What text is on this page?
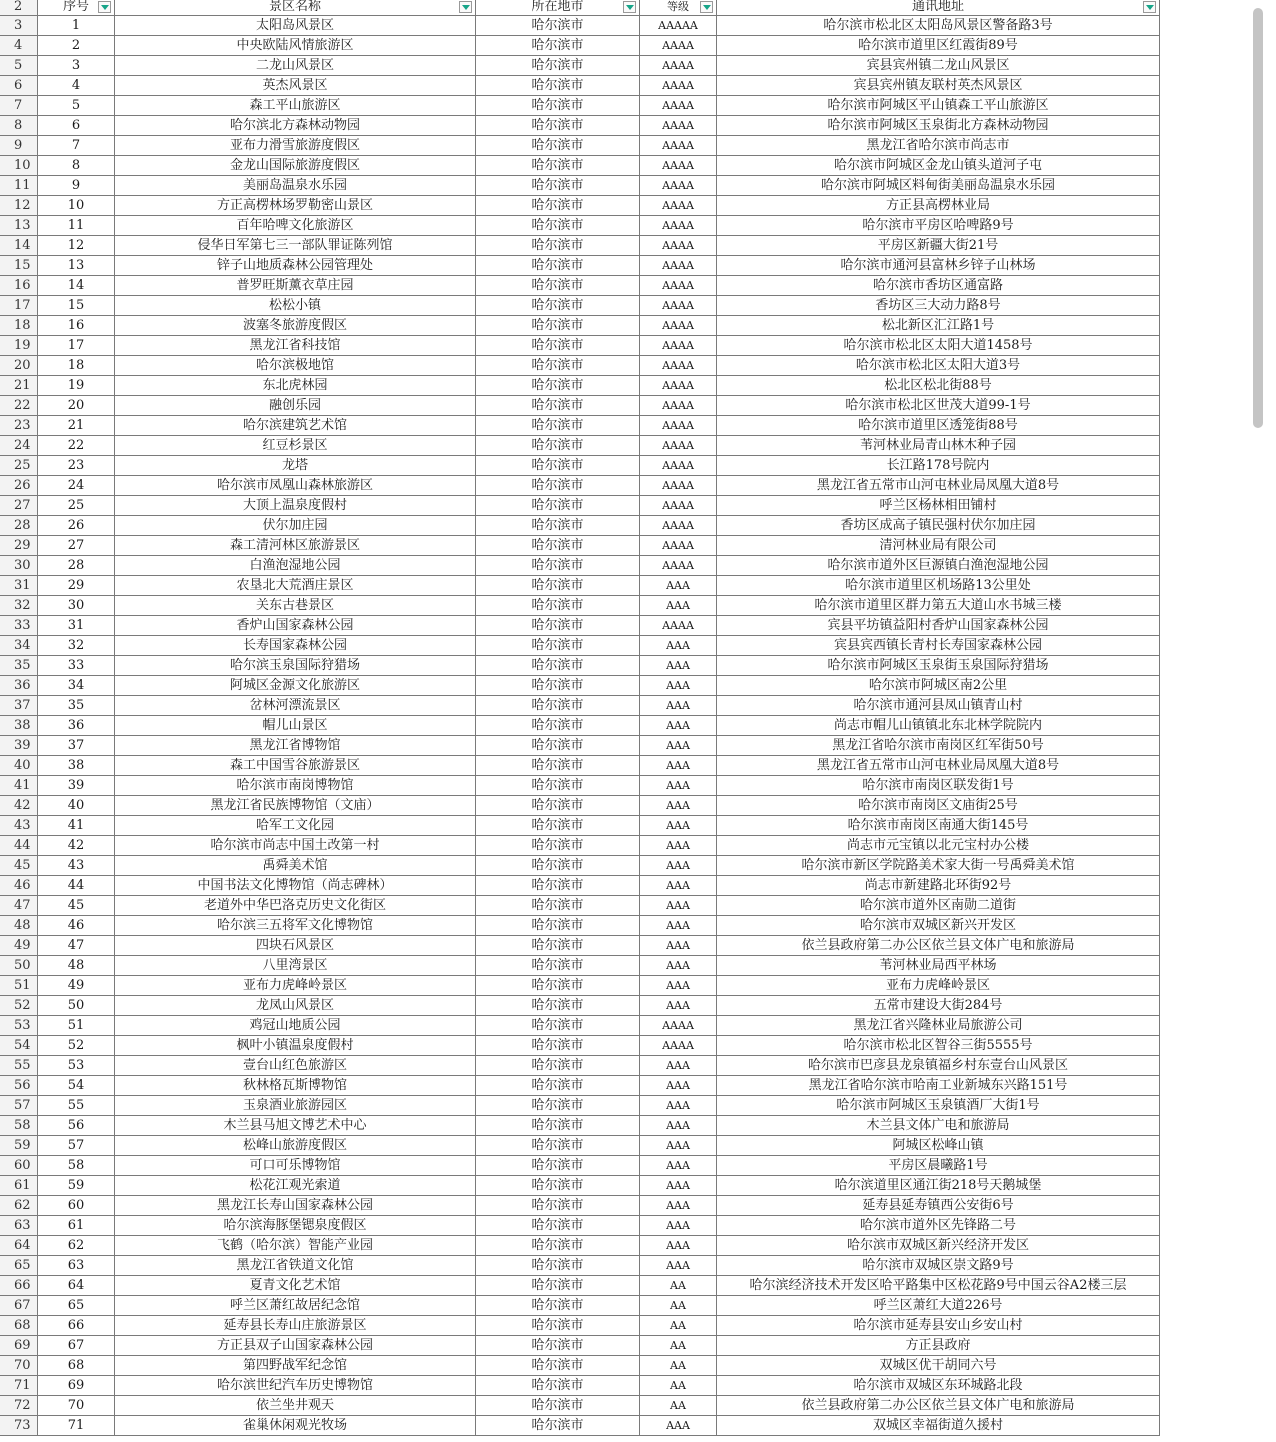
2	序号	景区名称	所在地市	等级	通讯地址
3	1	太阳岛风景区	哈尔滨市	AAAAA	哈尔滨市松北区太阳岛风景区警备路3号
4	2	中央欧陆风情旅游区	哈尔滨市	AAAA	哈尔滨市道里区红霞街89号
5	3	二龙山风景区	哈尔滨市	AAAA	宾县宾州镇二龙山风景区
6	4	英杰风景区	哈尔滨市	AAAA	宾县宾州镇友联村英杰风景区
7	5	森工平山旅游区	哈尔滨市	AAAA	哈尔滨市阿城区平山镇森工平山旅游区
8	6	哈尔滨北方森林动物园	哈尔滨市	AAAA	哈尔滨市阿城区玉泉街北方森林动物园
9	7	亚布力滑雪旅游度假区	哈尔滨市	AAAA	黑龙江省哈尔滨市尚志市
10	8	金龙山国际旅游度假区	哈尔滨市	AAAA	哈尔滨市阿城区金龙山镇头道河子屯
11	9	美丽岛温泉水乐园	哈尔滨市	AAAA	哈尔滨市阿城区料甸街美丽岛温泉水乐园
12	10	方正高楞林场罗勒密山景区	哈尔滨市	AAAA	方正县高楞林业局
13	11	百年哈啤文化旅游区	哈尔滨市	AAAA	哈尔滨市平房区哈啤路9号
14	12	侵华日军第七三一部队罪证陈列馆	哈尔滨市	AAAA	平房区新疆大街21号
15	13	锌子山地质森林公园管理处	哈尔滨市	AAAA	哈尔滨市通河县富林乡锌子山林场
16	14	普罗旺斯薰衣草庄园	哈尔滨市	AAAA	哈尔滨市香坊区通富路
17	15	松松小镇	哈尔滨市	AAAA	香坊区三大动力路8号
18	16	波塞冬旅游度假区	哈尔滨市	AAAA	松北新区汇江路1号
19	17	黑龙江省科技馆	哈尔滨市	AAAA	哈尔滨市松北区太阳大道1458号
20	18	哈尔滨极地馆	哈尔滨市	AAAA	哈尔滨市松北区太阳大道3号
21	19	东北虎林园	哈尔滨市	AAAA	松北区松北街88号
22	20	融创乐园	哈尔滨市	AAAA	哈尔滨市松北区世茂大道99-1号
23	21	哈尔滨建筑艺术馆	哈尔滨市	AAAA	哈尔滨市道里区透笼街88号
24	22	红豆杉景区	哈尔滨市	AAAA	苇河林业局青山林木种子园
25	23	龙塔	哈尔滨市	AAAA	长江路178号院内
26	24	哈尔滨市凤凰山森林旅游区	哈尔滨市	AAAA	黑龙江省五常市山河屯林业局凤凰大道8号
27	25	大顶上温泉度假村	哈尔滨市	AAAA	呼兰区杨林相田铺村
28	26	伏尔加庄园	哈尔滨市	AAAA	香坊区成高子镇民强村伏尔加庄园
29	27	森工清河林区旅游景区	哈尔滨市	AAAA	清河林业局有限公司
30	28	白渔泡湿地公园	哈尔滨市	AAAA	哈尔滨市道外区巨源镇白渔泡湿地公园
31	29	农垦北大荒酒庄景区	哈尔滨市	AAA	哈尔滨市道里区机场路13公里处
32	30	关东古巷景区	哈尔滨市	AAA	哈尔滨市道里区群力第五大道山水书城三楼
33	31	香炉山国家森林公园	哈尔滨市	AAAA	宾县平坊镇益阳村香炉山国家森林公园
34	32	长寿国家森林公园	哈尔滨市	AAA	宾县宾西镇长青村长寿国家森林公园
35	33	哈尔滨玉泉国际狩猎场	哈尔滨市	AAA	哈尔滨市阿城区玉泉街玉泉国际狩猎场
36	34	阿城区金源文化旅游区	哈尔滨市	AAA	哈尔滨市阿城区南2公里
37	35	岔林河漂流景区	哈尔滨市	AAA	哈尔滨市通河县凤山镇青山村
38	36	帽儿山景区	哈尔滨市	AAA	尚志市帽儿山镇镇北东北林学院院内
39	37	黑龙江省博物馆	哈尔滨市	AAA	黑龙江省哈尔滨市南岗区红军街50号
40	38	森工中国雪谷旅游景区	哈尔滨市	AAA	黑龙江省五常市山河屯林业局凤凰大道8号
41	39	哈尔滨市南岗博物馆	哈尔滨市	AAA	哈尔滨市南岗区联发街1号
42	40	黑龙江省民族博物馆（文庙）	哈尔滨市	AAA	哈尔滨市南岗区文庙街25号
43	41	哈军工文化园	哈尔滨市	AAA	哈尔滨市南岗区南通大街145号
44	42	哈尔滨市尚志中国土改第一村	哈尔滨市	AAA	尚志市元宝镇以北元宝村办公楼
45	43	禹舜美术馆	哈尔滨市	AAA	哈尔滨市新区学院路美术家大街一号禹舜美术馆
46	44	中国书法文化博物馆（尚志碑林）	哈尔滨市	AAA	尚志市新建路北环街92号
47	45	老道外中华巴洛克历史文化街区	哈尔滨市	AAA	哈尔滨市道外区南勋二道街
48	46	哈尔滨三五将军文化博物馆	哈尔滨市	AAA	哈尔滨市双城区新兴开发区
49	47	四块石风景区	哈尔滨市	AAA	依兰县政府第二办公区依兰县文体广电和旅游局
50	48	八里湾景区	哈尔滨市	AAA	苇河林业局西平林场
51	49	亚布力虎峰岭景区	哈尔滨市	AAA	亚布力虎峰岭景区
52	50	龙凤山风景区	哈尔滨市	AAA	五常市建设大街284号
53	51	鸡冠山地质公园	哈尔滨市	AAAA	黑龙江省兴隆林业局旅游公司
54	52	枫叶小镇温泉度假村	哈尔滨市	AAAA	哈尔滨市松北区智谷三街5555号
55	53	壹台山红色旅游区	哈尔滨市	AAA	哈尔滨市巴彦县龙泉镇福乡村东壹台山风景区
56	54	秋林格瓦斯博物馆	哈尔滨市	AAA	黑龙江省哈尔滨市哈南工业新城东兴路151号
57	55	玉泉酒业旅游园区	哈尔滨市	AAA	哈尔滨市阿城区玉泉镇酒厂大街1号
58	56	木兰县马旭文博艺术中心	哈尔滨市	AAA	木兰县文体广电和旅游局
59	57	松峰山旅游度假区	哈尔滨市	AAA	阿城区松峰山镇
60	58	可口可乐博物馆	哈尔滨市	AAA	平房区晨曦路1号
61	59	松花江观光索道	哈尔滨市	AAA	哈尔滨道里区通江街218号天鹅城堡
62	60	黑龙江长寿山国家森林公园	哈尔滨市	AAA	延寿县延寿镇西公安街6号
63	61	哈尔滨海豚堡锶泉度假区	哈尔滨市	AAA	哈尔滨市道外区先锋路二号
64	62	飞鹤（哈尔滨）智能产业园	哈尔滨市	AAA	哈尔滨市双城区新兴经济开发区
65	63	黑龙江省铁道文化馆	哈尔滨市	AAA	哈尔滨市双城区崇文路9号
66	64	夏青文化艺术馆	哈尔滨市	AA	哈尔滨经济技术开发区哈平路集中区松花路9号中国云谷A2楼三层
67	65	呼兰区萧红故居纪念馆	哈尔滨市	AA	呼兰区萧红大道226号
68	66	延寿县长寿山庄旅游景区	哈尔滨市	AA	哈尔滨市延寿县安山乡安山村
69	67	方正县双子山国家森林公园	哈尔滨市	AA	方正县政府
70	68	第四野战军纪念馆	哈尔滨市	AA	双城区优干胡同六号
71	69	哈尔滨世纪汽车历史博物馆	哈尔滨市	AA	哈尔滨市双城区东环城路北段
72	70	依兰坐井观天	哈尔滨市	AA	依兰县政府第二办公区依兰县文体广电和旅游局
73	71	雀巢休闲观光牧场	哈尔滨市	AAA	双城区幸福街道久援村
